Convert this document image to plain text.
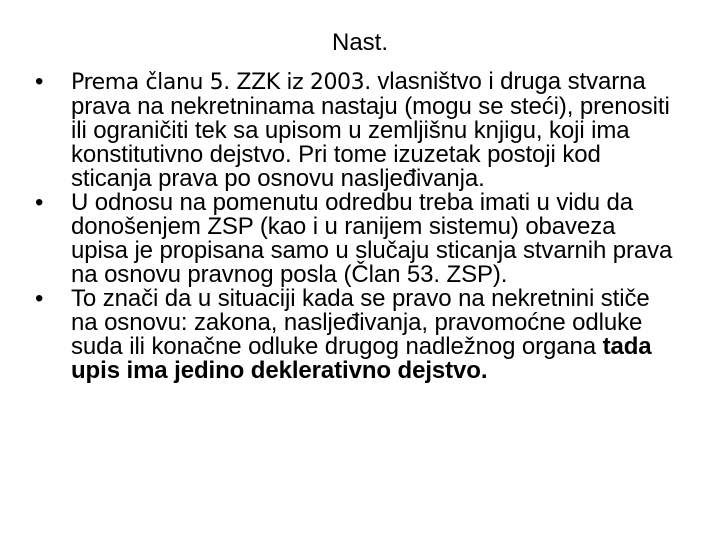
Nast.
•	Prema članu 5. ZZK iz 2003. vlasništvo i druga stvarna prava na nekretninama nastaju (mogu se steći), prenositi ili ograničiti tek sa upisom u zemljišnu knjigu, koji ima konstitutivno dejstvo. Pri tome izuzetak postoji kod sticanja prava po osnovu nasljeđivanja.
•	U odnosu na pomenutu odredbu treba imati u vidu da donošenjem ZSP (kao i u ranijem sistemu) obaveza upisa je propisana samo u slučaju sticanja stvarnih prava na osnovu pravnog posla (Član 53. ZSP).
•	To znači da u situaciji kada se pravo na nekretnini stiče na osnovu: zakona, nasljeđivanja, pravomoćne odluke suda ili konačne odluke drugog nadležnog organa tada upis ima jedino deklerativno dejstvo.
